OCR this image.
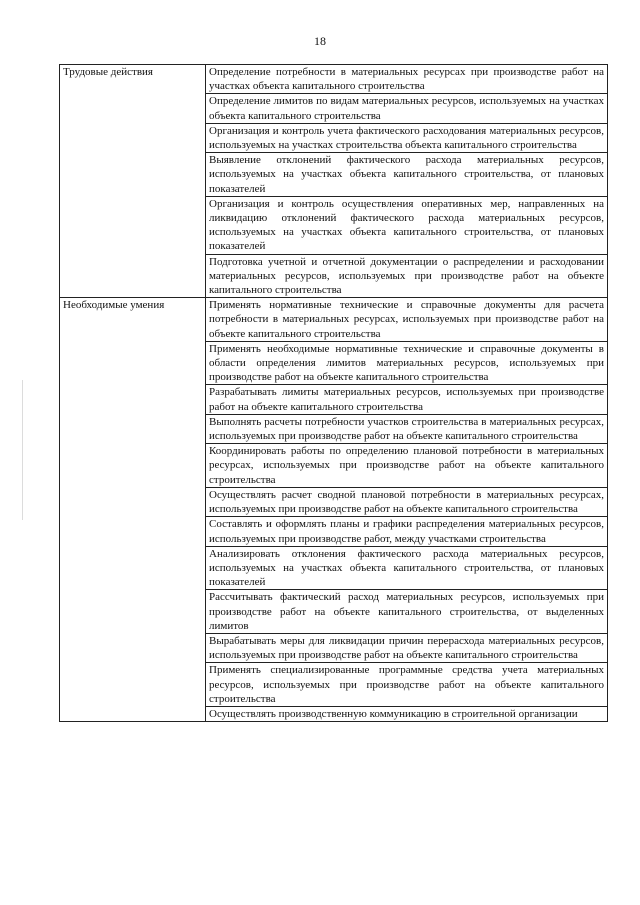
18
Трудовые действия	Определение потребности в материальных ресурсах при производстве работ на участках объекта капитального строительства
	Определение лимитов по видам материальных ресурсов, используемых на участках объекта капитального строительства
	Организация и контроль учета фактического расходования материальных ресурсов, используемых на участках строительства объекта капитального строительства
	Выявление отклонений фактического расхода материальных ресурсов, используемых на участках объекта капитального строительства, от плановых показателей
	Организация и контроль осуществления оперативных мер, направленных на ликвидацию отклонений фактического расхода материальных ресурсов, используемых на участках объекта капитального строительства, от плановых показателей
	Подготовка учетной и отчетной документации о распределении и расходовании материальных ресурсов, используемых при производстве работ на объекте капитального строительства
Необходимые умения	Применять нормативные технические и справочные документы для расчета потребности в материальных ресурсах, используемых при производстве работ на объекте капитального строительства
	Применять необходимые нормативные технические и справочные документы в области определения лимитов материальных ресурсов, используемых при производстве работ на объекте капитального строительства
	Разрабатывать лимиты материальных ресурсов, используемых при производстве работ на объекте капитального строительства
	Выполнять расчеты потребности участков строительства в материальных ресурсах, используемых при производстве работ на объекте капитального строительства
	Координировать работы по определению плановой потребности в материальных ресурсах, используемых при производстве работ на объекте капитального строительства
	Осуществлять расчет сводной плановой потребности в материальных ресурсах, используемых при производстве работ на объекте капитального строительства
	Составлять и оформлять планы и графики распределения материальных ресурсов, используемых при производстве работ, между участками строительства
	Анализировать отклонения фактического расхода материальных ресурсов, используемых на участках объекта капитального строительства, от плановых показателей
	Рассчитывать фактический расход материальных ресурсов, используемых при производстве работ на объекте капитального строительства, от выделенных лимитов
	Вырабатывать меры для ликвидации причин перерасхода материальных ресурсов, используемых при производстве работ на объекте капитального строительства
	Применять специализированные программные средства учета материальных ресурсов, используемых при производстве работ на объекте капитального строительства
	Осуществлять производственную коммуникацию в строительной организации
